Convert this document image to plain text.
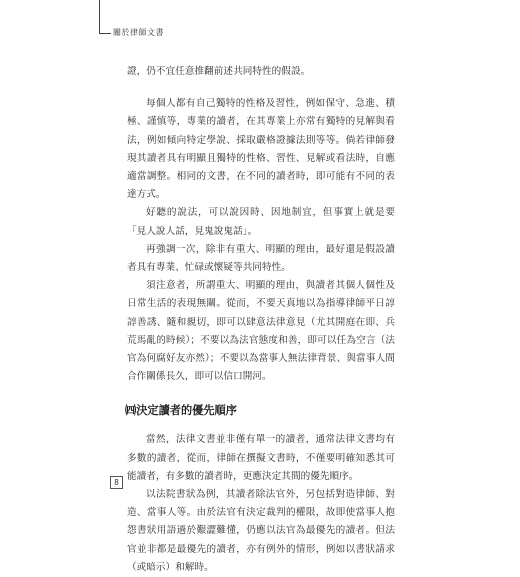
關於律師文書

證，仍不宜任意推翻前述共同特性的假設。

每個人都有自己獨特的性格及習性，例如保守、急進、積極、謹慎等，專業的讀者，在其專業上亦常有獨特的見解與看法，例如傾向特定學說、採取嚴格證據法則等等。倘若律師發現其讀者具有明顯且獨特的性格、習性、見解或看法時，自應適當調整。相同的文書，在不同的讀者時，即可能有不同的表達方式。

好聽的說法，可以說因時、因地制宜，但事實上就是要「見人說人話，見鬼說鬼話」。

再強調一次，除非有重大、明顯的理由，最好還是假設讀者具有專業、忙碌或懷疑等共同特性。

須注意者，所謂重大、明顯的理由，與讀者其個人個性及日常生活的表現無關。從而，不要天真地以為指導律師平日諄諄善誘、隨和親切，即可以肆意法律意見（尤其開庭在即、兵荒馬亂的時候）；不要以為法官態度和善，即可以任為空言（法官為何腐好友亦然）；不要以為當事人無法律背景、與當事人間合作關係長久，即可以信口開河。

㈣決定讀者的優先順序

當然，法律文書並非僅有單一的讀者，通常法律文書均有多數的讀者，從而，律師在撰擬文書時，不僅要明確知悉其可能讀者，有多數的讀者時，更應決定其間的優先順序。

以法院書狀為例，其讀者除法官外，另包括對造律師、對造、當事人等。由於法官有決定裁判的權限，故即使當事人抱怨書狀用語過於艱澀難懂，仍應以法官為最優先的讀者。但法官並非都是最優先的讀者，亦有例外的情形，例如以書狀請求（或暗示）和解時。

8
